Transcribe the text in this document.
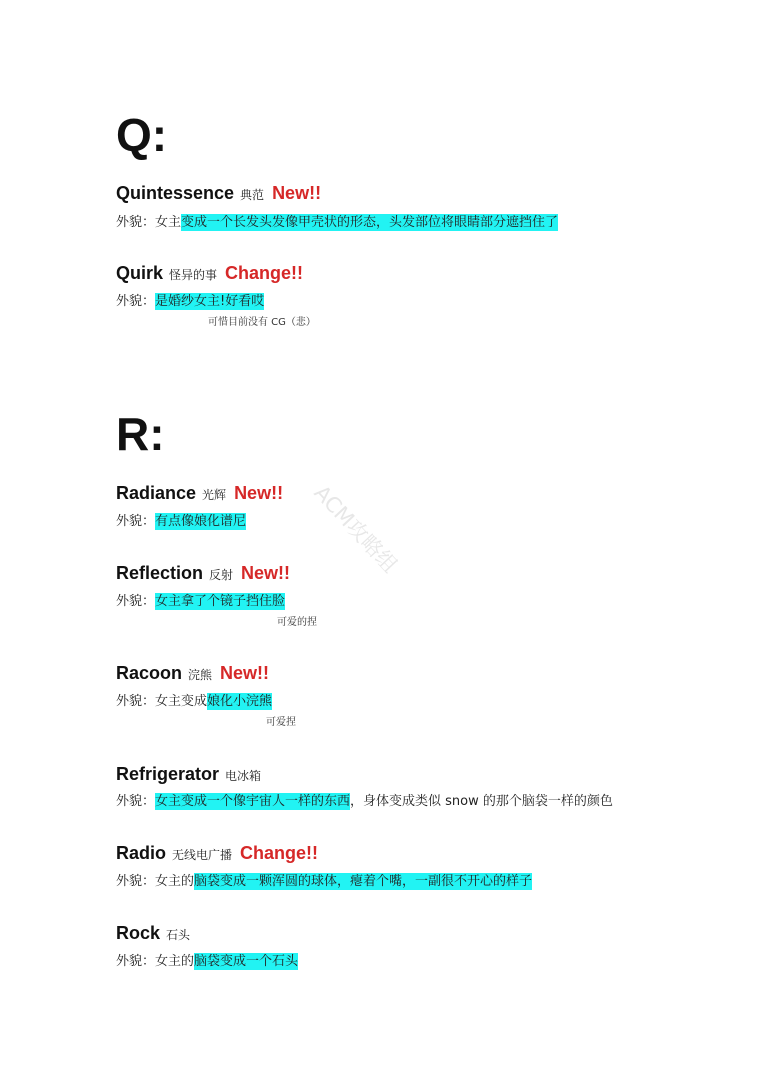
Q:
Quintessence 典范 New!!
外貌：女主变成一个长发头发像甲壳状的形态，头发部位将眼睛部分遮挡住了
Quirk 怪异的事 Change!!
外貌：是婚纱女主!好看哎
可惜目前没有 CG（悲）
R:
Radiance 光辉 New!!
外貌：有点像娘化谱尼
Reflection 反射 New!!
外貌：女主拿了个镜子挡住脸
可爱的捏
Racoon 浣熊 New!!
外貌：女主变成娘化小浣熊
可爱捏
Refrigerator 电冰箱
外貌：女主变成一个像宇宙人一样的东西，身体变成类似 snow 的那个脑袋一样的颜色
Radio 无线电广播 Change!!
外貌：女主的脑袋变成一颗浑圆的球体，瘪着个嘴，一副很不开心的样子
Rock 石头
外貌：女主的脑袋变成一个石头
ACM攻略组
